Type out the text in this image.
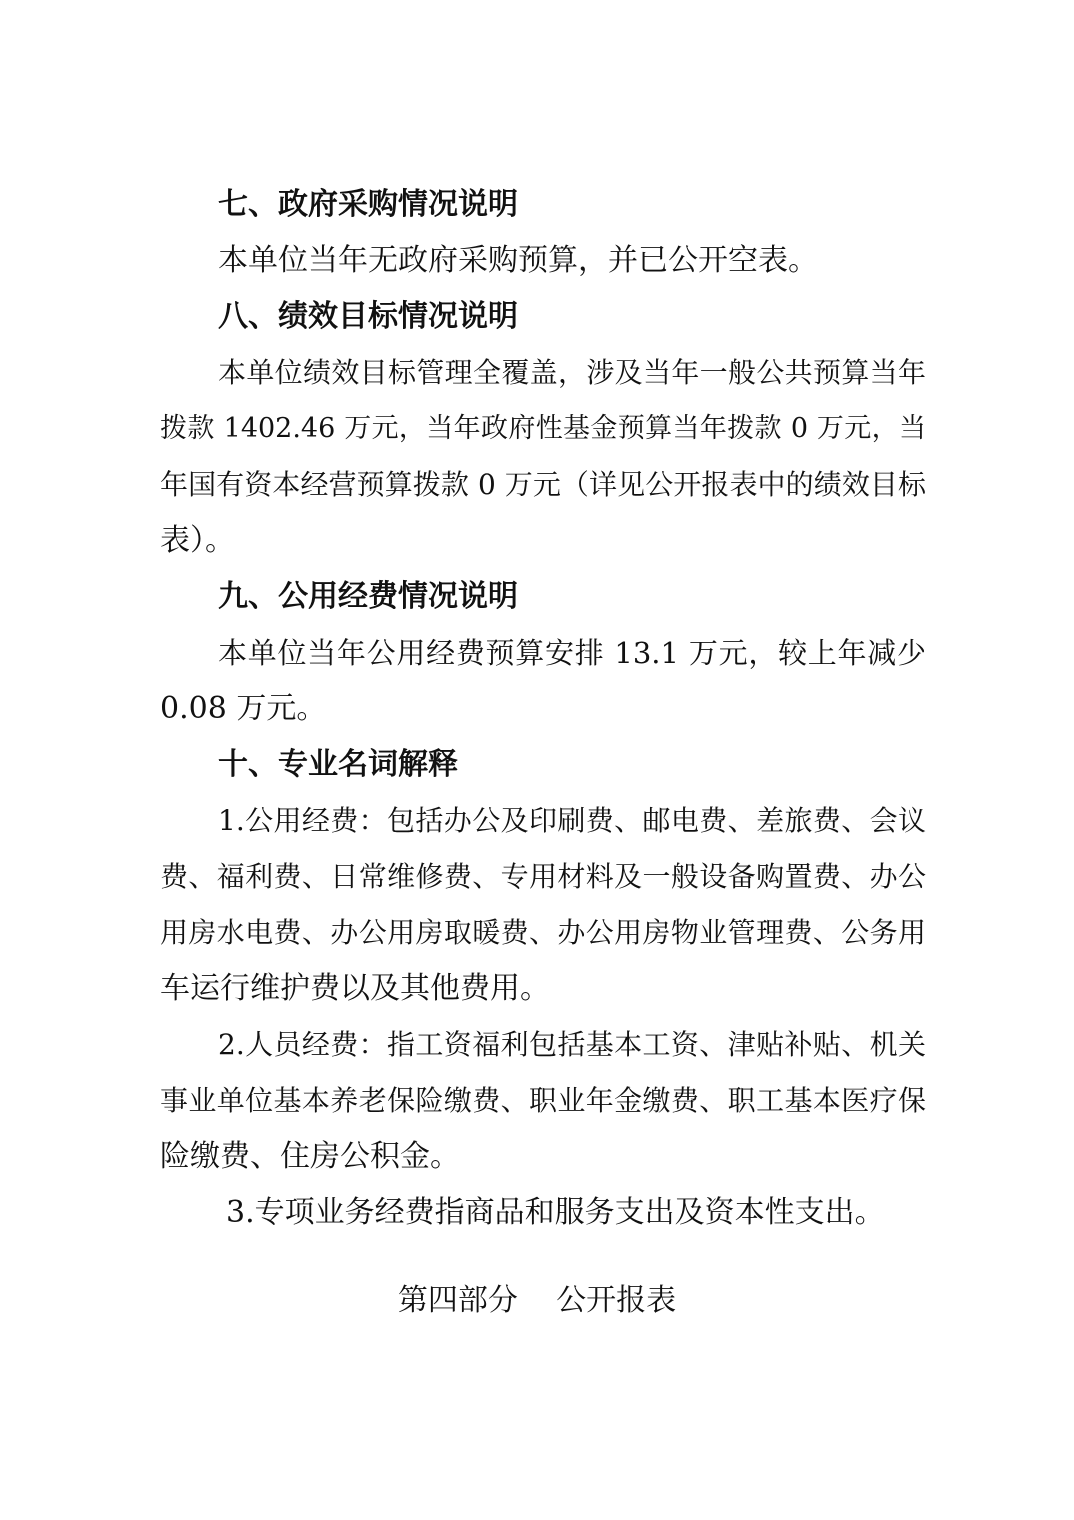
七、政府采购情况说明
本单位当年无政府采购预算，并已公开空表。
八、绩效目标情况说明
本单位绩效目标管理全覆盖，涉及当年一般公共预算当年
拨款 1402.46 万元，当年政府性基金预算当年拨款 0 万元，当
年国有资本经营预算拨款 0 万元（详见公开报表中的绩效目标
表）。
九、公用经费情况说明
本单位当年公用经费预算安排 13.1 万元，较上年减少
0.08 万元。
十、专业名词解释
1.公用经费：包括办公及印刷费、邮电费、差旅费、会议
费、福利费、日常维修费、专用材料及一般设备购置费、办公
用房水电费、办公用房取暖费、办公用房物业管理费、公务用
车运行维护费以及其他费用。
2.人员经费：指工资福利包括基本工资、津贴补贴、机关
事业单位基本养老保险缴费、职业年金缴费、职工基本医疗保
险缴费、住房公积金。
3.专项业务经费指商品和服务支出及资本性支出。
第四部分    公开报表
